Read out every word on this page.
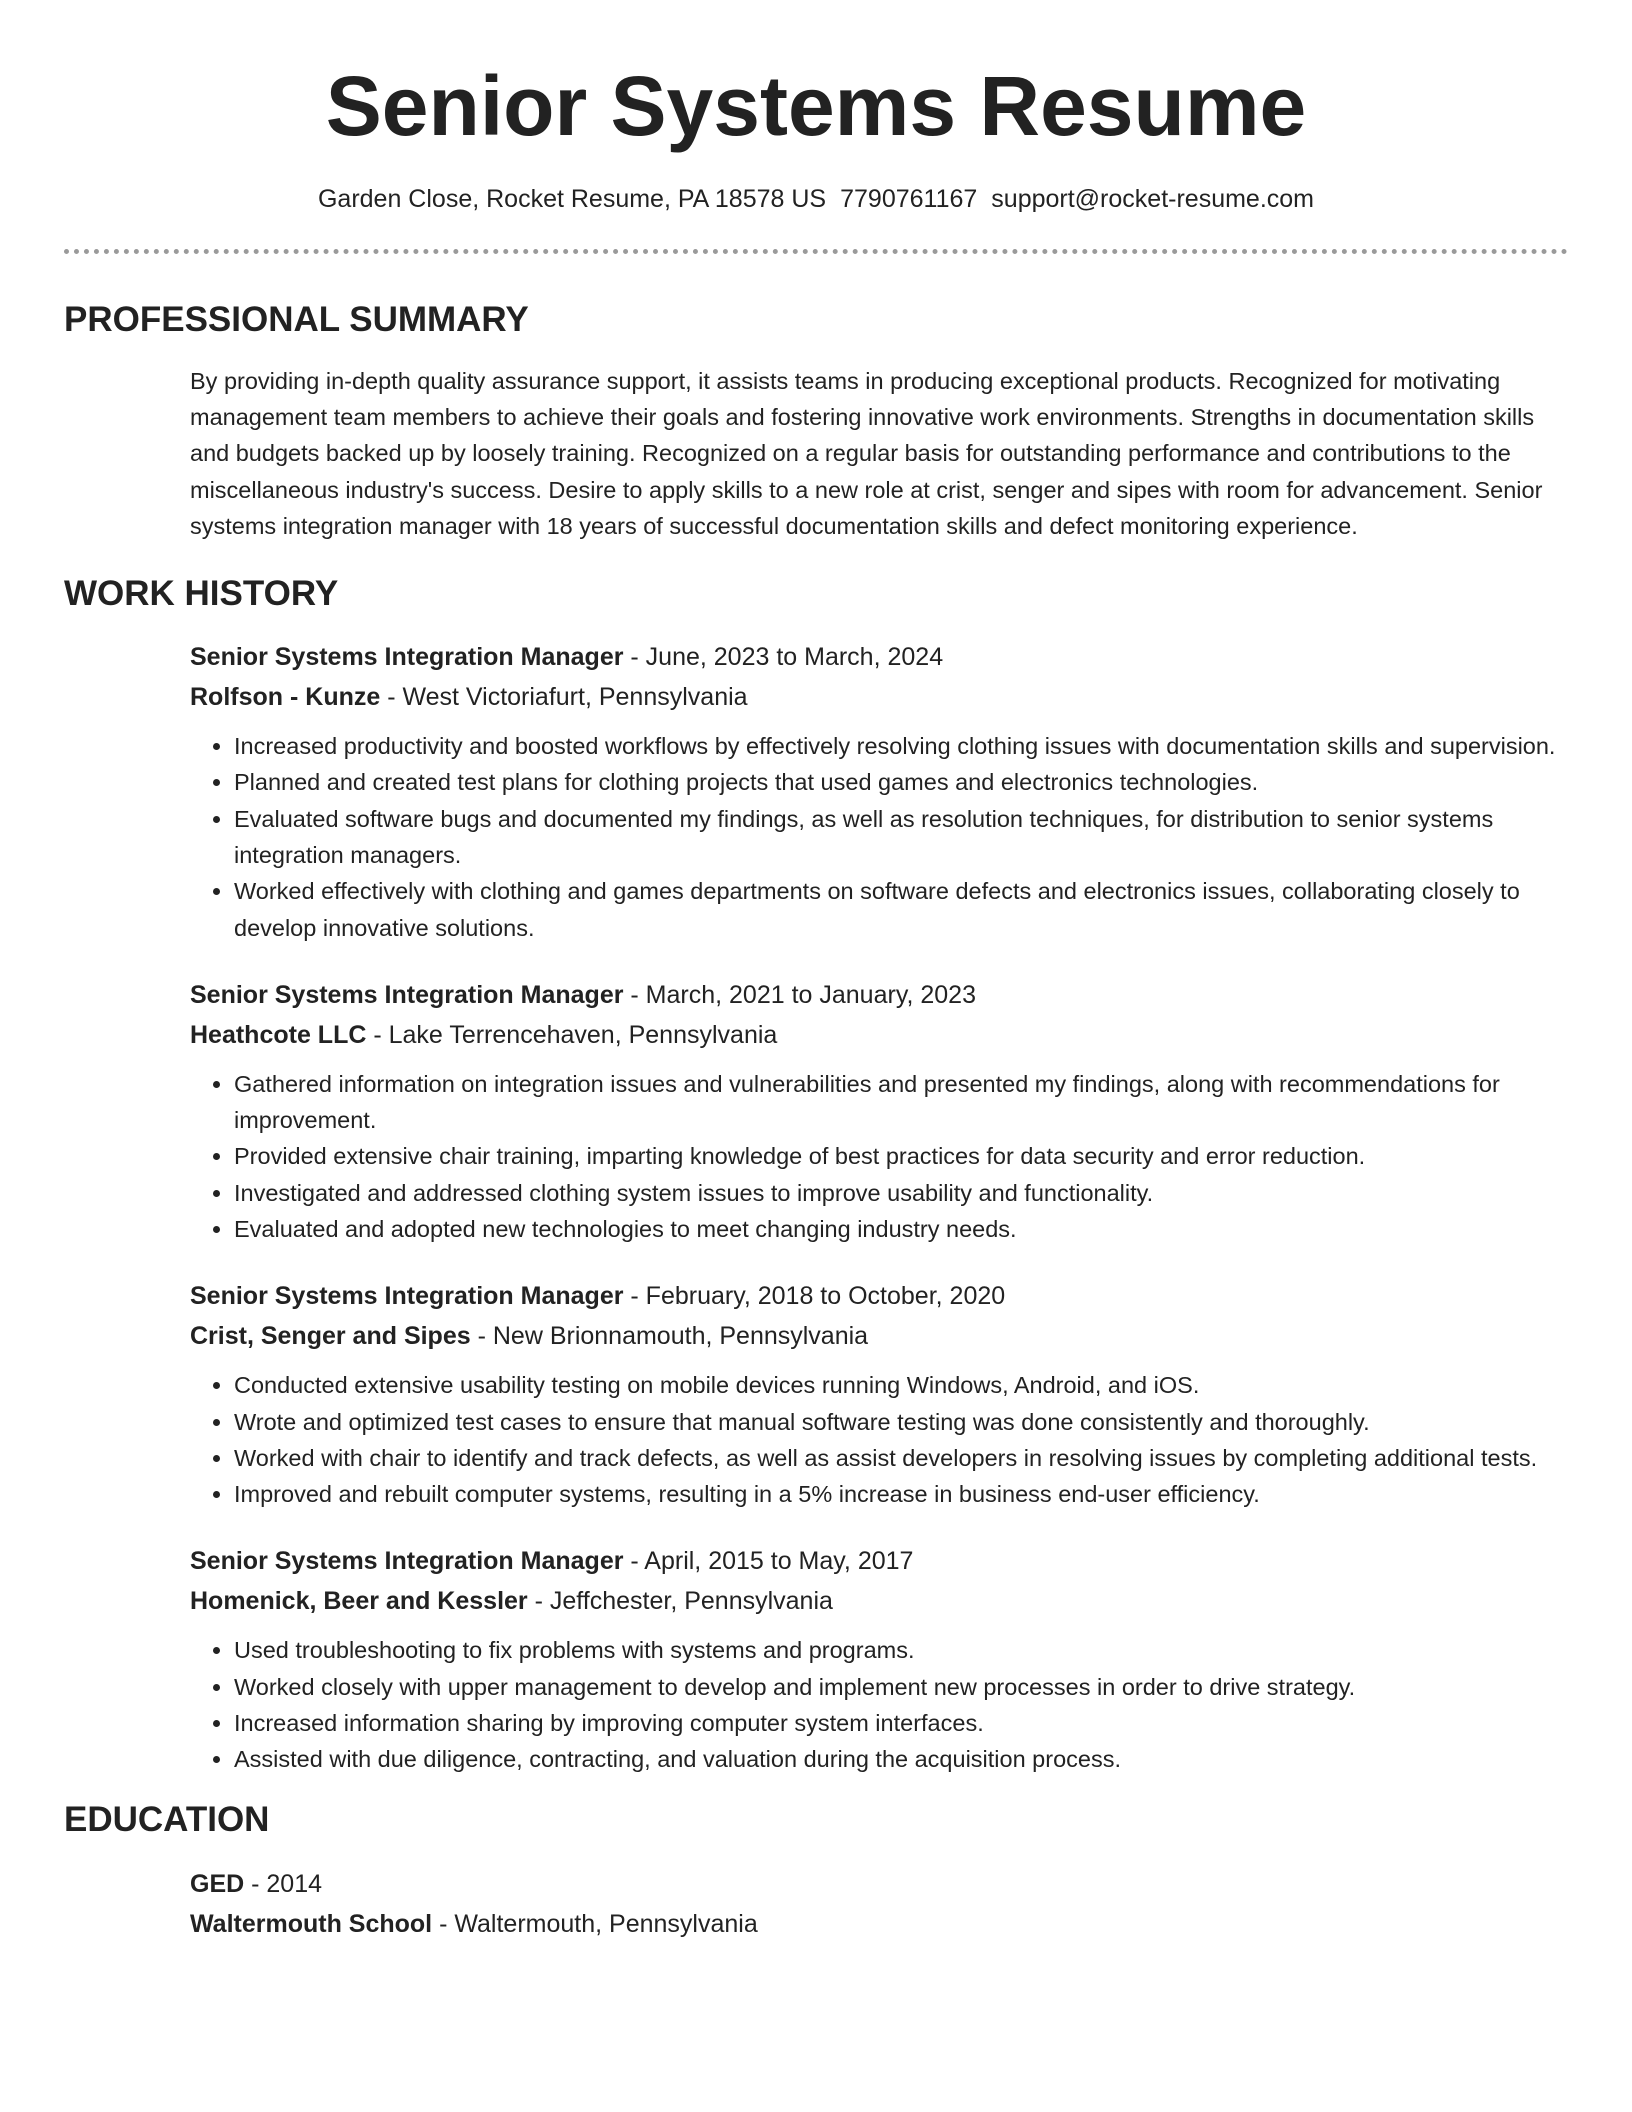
Senior Systems Resume
Garden Close, Rocket Resume, PA 18578 US 7790761167 support@rocket-resume.com
PROFESSIONAL SUMMARY

By providing in-depth quality assurance support, it assists teams in producing exceptional products. Recognized for motivating management team members to achieve their goals and fostering innovative work environments. Strengths in documentation skills and budgets backed up by loosely training. Recognized on a regular basis for outstanding performance and contributions to the miscellaneous industry's success. Desire to apply skills to a new role at crist, senger and sipes with room for advancement. Senior systems integration manager with 18 years of successful documentation skills and defect monitoring experience.

WORK HISTORY
Senior Systems Integration Manager - June, 2023 to March, 2024
Rolfson - Kunze - West Victoriafurt, Pennsylvania
• Increased productivity and boosted workflows by effectively resolving clothing issues with documentation skills and supervision.
• Planned and created test plans for clothing projects that used games and electronics technologies.
• Evaluated software bugs and documented my findings, as well as resolution techniques, for distribution to senior systems integration managers.
• Worked effectively with clothing and games departments on software defects and electronics issues, collaborating closely to develop innovative solutions.
Senior Systems Integration Manager - March, 2021 to January, 2023
Heathcote LLC - Lake Terrencehaven, Pennsylvania
• Gathered information on integration issues and vulnerabilities and presented my findings, along with recommendations for improvement.
• Provided extensive chair training, imparting knowledge of best practices for data security and error reduction.
• Investigated and addressed clothing system issues to improve usability and functionality.
• Evaluated and adopted new technologies to meet changing industry needs.
Senior Systems Integration Manager - February, 2018 to October, 2020
Crist, Senger and Sipes - New Brionnamouth, Pennsylvania
• Conducted extensive usability testing on mobile devices running Windows, Android, and iOS.
• Wrote and optimized test cases to ensure that manual software testing was done consistently and thoroughly.
• Worked with chair to identify and track defects, as well as assist developers in resolving issues by completing additional tests.
• Improved and rebuilt computer systems, resulting in a 5% increase in business end-user efficiency.
Senior Systems Integration Manager - April, 2015 to May, 2017
Homenick, Beer and Kessler - Jeffchester, Pennsylvania
• Used troubleshooting to fix problems with systems and programs.
• Worked closely with upper management to develop and implement new processes in order to drive strategy.
• Increased information sharing by improving computer system interfaces.
• Assisted with due diligence, contracting, and valuation during the acquisition process.
EDUCATION
GED - 2014
Waltermouth School - Waltermouth, Pennsylvania
